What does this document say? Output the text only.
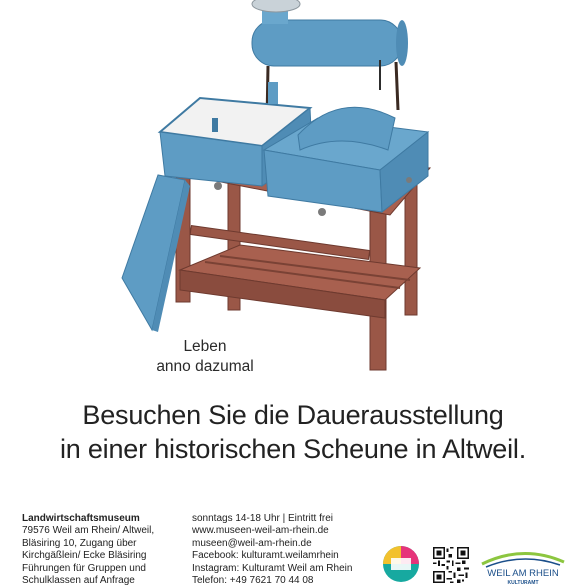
Leben
anno dazumal
Besuchen Sie die Dauerausstellung
in einer historischen Scheune in Altweil.
Landwirtschaftsmuseum
79576 Weil am Rhein/ Altweil,
Bläsiring 10, Zugang über
Kirchgäßlein/ Ecke Bläsiring
Führungen für Gruppen und
Schulklassen auf Anfrage
sonntags 14-18 Uhr | Eintritt frei
www.museen-weil-am-rhein.de
museen@weil-am-rhein.de
Facebook: kulturamt.weilamrhein
Instagram: Kulturamt Weil am Rhein
Telefon: +49 7621 70 44 08
WEIL AM RHEIN
KULTURAMT
